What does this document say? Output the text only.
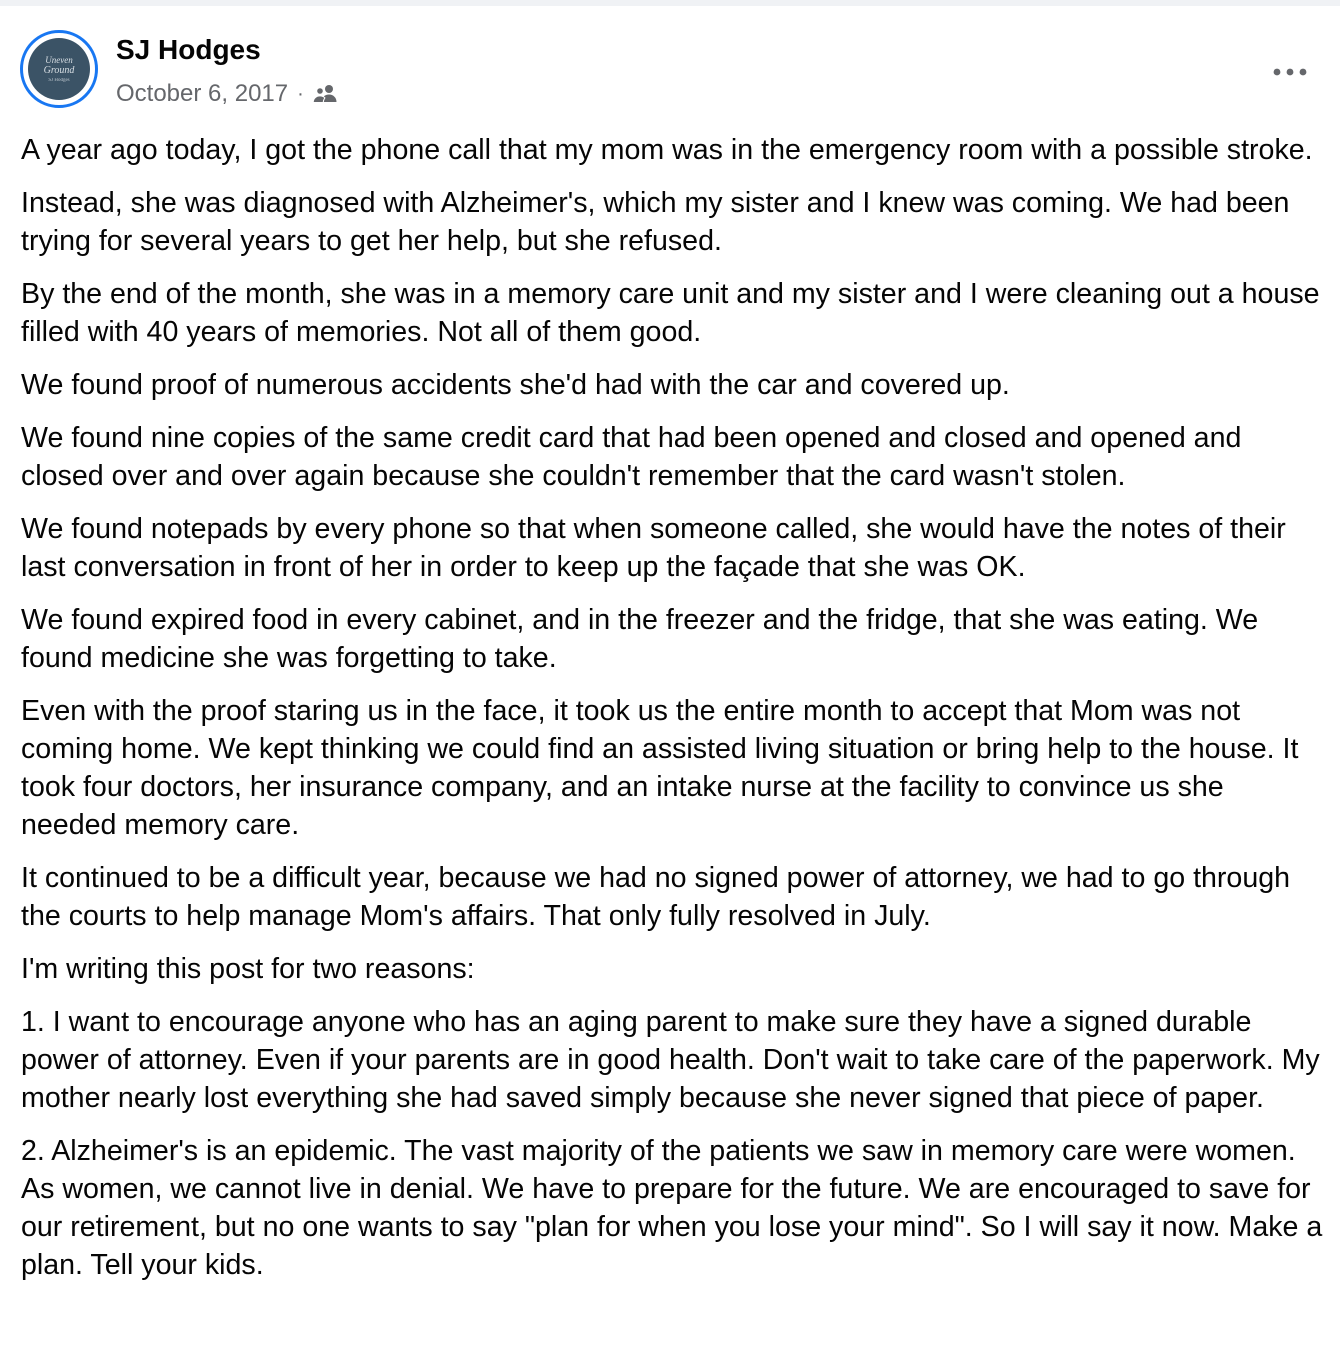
Uneven
Ground
SJ Hodges
SJ Hodges
October 6, 2017 ·

A year ago today, I got the phone call that my mom was in the emergency room with a possible stroke.

Instead, she was diagnosed with Alzheimer's, which my sister and I knew was coming. We had been trying for several years to get her help, but she refused.

By the end of the month, she was in a memory care unit and my sister and I were cleaning out a house filled with 40 years of memories. Not all of them good.

We found proof of numerous accidents she'd had with the car and covered up.

We found nine copies of the same credit card that had been opened and closed and opened and closed over and over again because she couldn't remember that the card wasn't stolen.

We found notepads by every phone so that when someone called, she would have the notes of their last conversation in front of her in order to keep up the façade that she was OK.

We found expired food in every cabinet, and in the freezer and the fridge, that she was eating. We found medicine she was forgetting to take.

Even with the proof staring us in the face, it took us the entire month to accept that Mom was not coming home. We kept thinking we could find an assisted living situation or bring help to the house. It took four doctors, her insurance company, and an intake nurse at the facility to convince us she needed memory care.

It continued to be a difficult year, because we had no signed power of attorney, we had to go through the courts to help manage Mom's affairs. That only fully resolved in July.

I'm writing this post for two reasons:

1. I want to encourage anyone who has an aging parent to make sure they have a signed durable power of attorney. Even if your parents are in good health. Don't wait to take care of the paperwork. My mother nearly lost everything she had saved simply because she never signed that piece of paper.

2. Alzheimer's is an epidemic. The vast majority of the patients we saw in memory care were women. As women, we cannot live in denial. We have to prepare for the future. We are encouraged to save for our retirement, but no one wants to say "plan for when you lose your mind". So I will say it now. Make a plan. Tell your kids.
